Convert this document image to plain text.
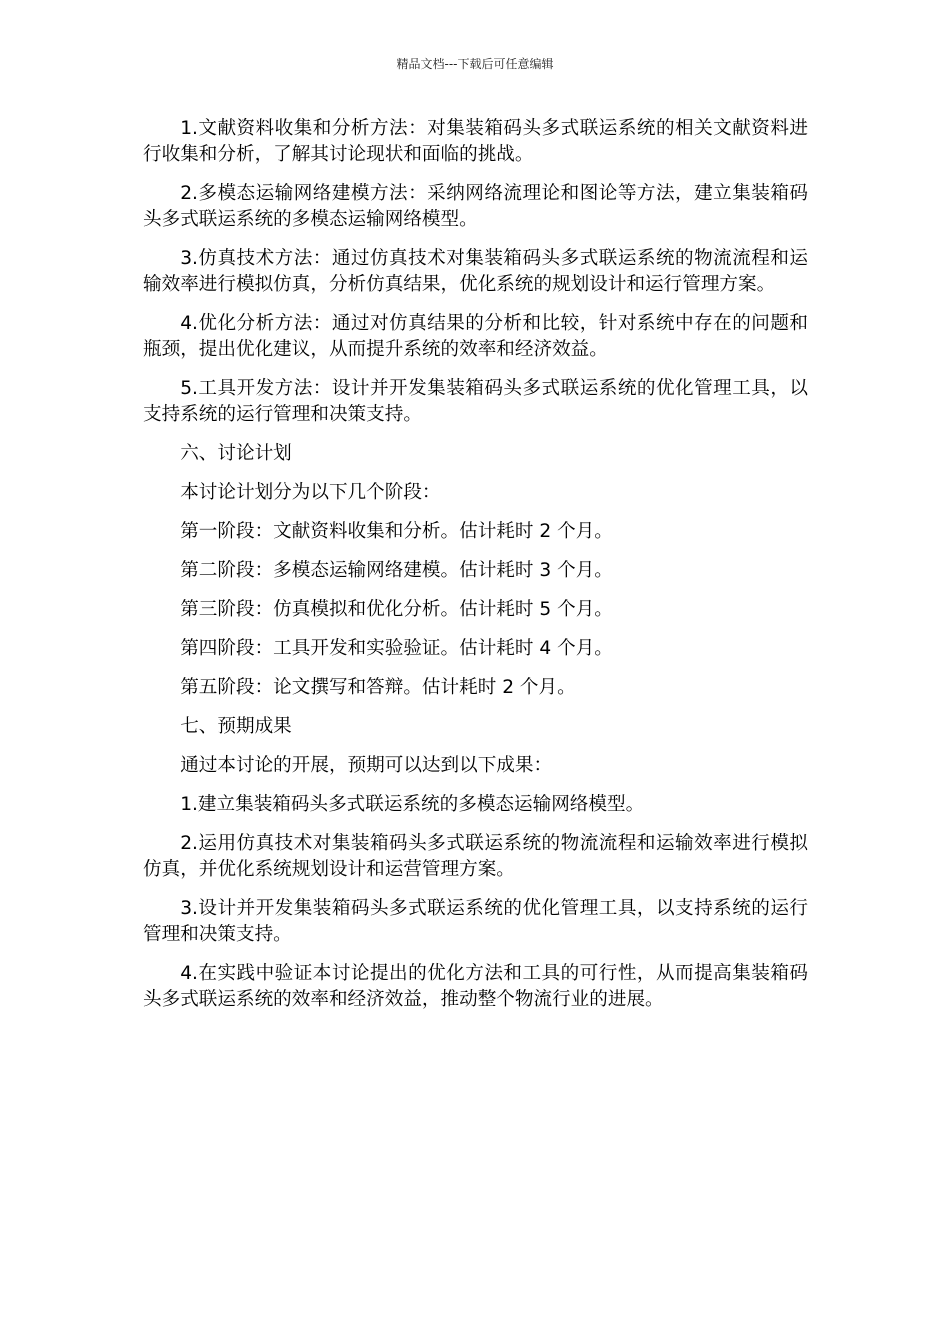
精品文档---下载后可任意编辑

1.文献资料收集和分析方法：对集装箱码头多式联运系统的相关文献资料进行收集和分析，了解其讨论现状和面临的挑战。

2.多模态运输网络建模方法：采纳网络流理论和图论等方法，建立集装箱码头多式联运系统的多模态运输网络模型。

3.仿真技术方法：通过仿真技术对集装箱码头多式联运系统的物流流程和运输效率进行模拟仿真，分析仿真结果，优化系统的规划设计和运行管理方案。

4.优化分析方法：通过对仿真结果的分析和比较，针对系统中存在的问题和瓶颈，提出优化建议，从而提升系统的效率和经济效益。

5.工具开发方法：设计并开发集装箱码头多式联运系统的优化管理工具，以支持系统的运行管理和决策支持。

六、讨论计划

本讨论计划分为以下几个阶段：

第一阶段：文献资料收集和分析。估计耗时 2 个月。

第二阶段：多模态运输网络建模。估计耗时 3 个月。

第三阶段：仿真模拟和优化分析。估计耗时 5 个月。

第四阶段：工具开发和实验验证。估计耗时 4 个月。

第五阶段：论文撰写和答辩。估计耗时 2 个月。

七、预期成果

通过本讨论的开展，预期可以达到以下成果：

1.建立集装箱码头多式联运系统的多模态运输网络模型。

2.运用仿真技术对集装箱码头多式联运系统的物流流程和运输效率进行模拟仿真，并优化系统规划设计和运营管理方案。

3.设计并开发集装箱码头多式联运系统的优化管理工具，以支持系统的运行管理和决策支持。

4.在实践中验证本讨论提出的优化方法和工具的可行性，从而提高集装箱码头多式联运系统的效率和经济效益，推动整个物流行业的进展。
